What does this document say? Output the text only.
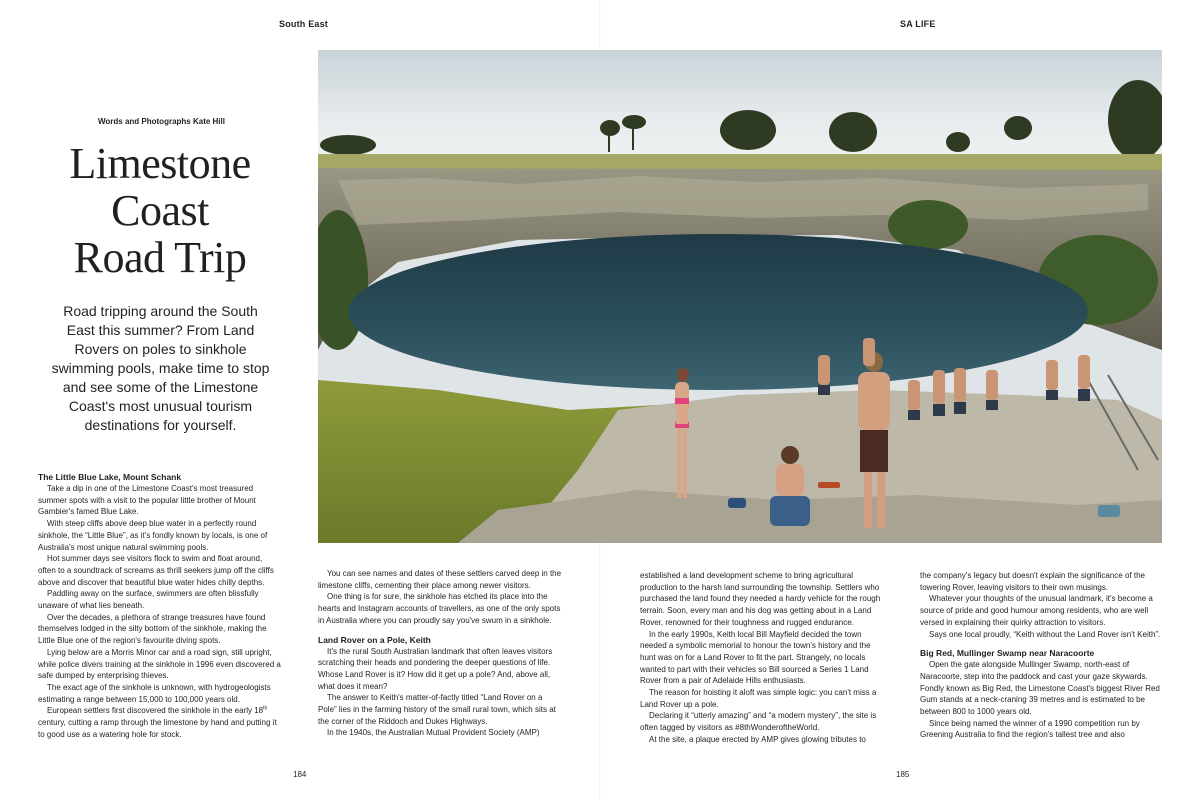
South East	SA LIFE
Words and Photographs Kate Hill
Limestone
Coast
Road Trip
Road tripping around the South East this summer? From Land Rovers on poles to sinkhole swimming pools, make time to stop and see some of the Limestone Coast's most unusual tourism destinations for yourself.
The Little Blue Lake, Mount Schank

Take a dip in one of the Limestone Coast's most treasured summer spots with a visit to the popular little brother of Mount Gambier's famed Blue Lake.

With steep cliffs above deep blue water in a perfectly round sinkhole, the “Little Blue”, as it's fondly known by locals, is one of Australia's most unique natural swimming pools.

Hot summer days see visitors flock to swim and float around, often to a soundtrack of screams as thrill seekers jump off the cliffs above and discover that beautiful blue water hides chilly depths.

Paddling away on the surface, swimmers are often blissfully unaware of what lies beneath.

Over the decades, a plethora of strange treasures have found themselves lodged in the silty bottom of the sinkhole, making the Little Blue one of the region's favourite diving spots.

Lying below are a Morris Minor car and a road sign, still upright, while police divers training at the sinkhole in 1996 even discovered a safe dumped by enterprising thieves.

The exact age of the sinkhole is unknown, with hydrogeologists estimating a range between 15,000 to 100,000 years old.

European settlers first discovered the sinkhole in the early 18th century, cutting a ramp through the limestone by hand and putting it to good use as a watering hole for stock.

You can see names and dates of these settlers carved deep in the limestone cliffs, cementing their place among newer visitors.

One thing is for sure, the sinkhole has etched its place into the hearts and Instagram accounts of travellers, as one of the only spots in Australia where you can proudly say you've swum in a sinkhole.

Land Rover on a Pole, Keith

It's the rural South Australian landmark that often leaves visitors scratching their heads and pondering the deeper questions of life. Whose Land Rover is it? How did it get up a pole? And, above all, what does it mean?

The answer to Keith's matter-of-factly titled “Land Rover on a Pole” lies in the farming history of the small rural town, which sits at the corner of the Riddoch and Dukes Highways.

In the 1940s, the Australian Mutual Provident Society (AMP)

established a land development scheme to bring agricultural production to the harsh land surrounding the township. Settlers who purchased the land found they needed a hardy vehicle for the rough terrain. Soon, every man and his dog was getting about in a Land Rover, renowned for their toughness and rugged endurance.

In the early 1990s, Keith local Bill Mayfield decided the town needed a symbolic memorial to honour the town's history and the hunt was on for a Land Rover to fit the part. Strangely, no locals wanted to part with their vehicles so Bill sourced a Series 1 Land Rover from a pair of Adelaide Hills enthusiasts.

The reason for hoisting it aloft was simple logic: you can't miss a Land Rover up a pole.

Declaring it “utterly amazing” and “a modern mystery”, the site is often tagged by visitors as #8thWonderoftheWorld.

At the site, a plaque erected by AMP gives glowing tributes to

the company's legacy but doesn't explain the significance of the towering Rover, leaving visitors to their own musings.

Whatever your thoughts of the unusual landmark, it's become a source of pride and good humour among residents, who are well versed in explaining their quirky attraction to visitors.

Says one local proudly, “Keith without the Land Rover isn't Keith”.

Big Red, Mullinger Swamp near Naracoorte

Open the gate alongside Mullinger Swamp, north-east of Naracoorte, step into the paddock and cast your gaze skywards. Fondly known as Big Red, the Limestone Coast's biggest River Red Gum stands at a neck-craning 39 metres and is estimated to be between 800 to 1000 years old.

Since being named the winner of a 1990 competition run by Greening Australia to find the region's tallest tree and also

184	185
